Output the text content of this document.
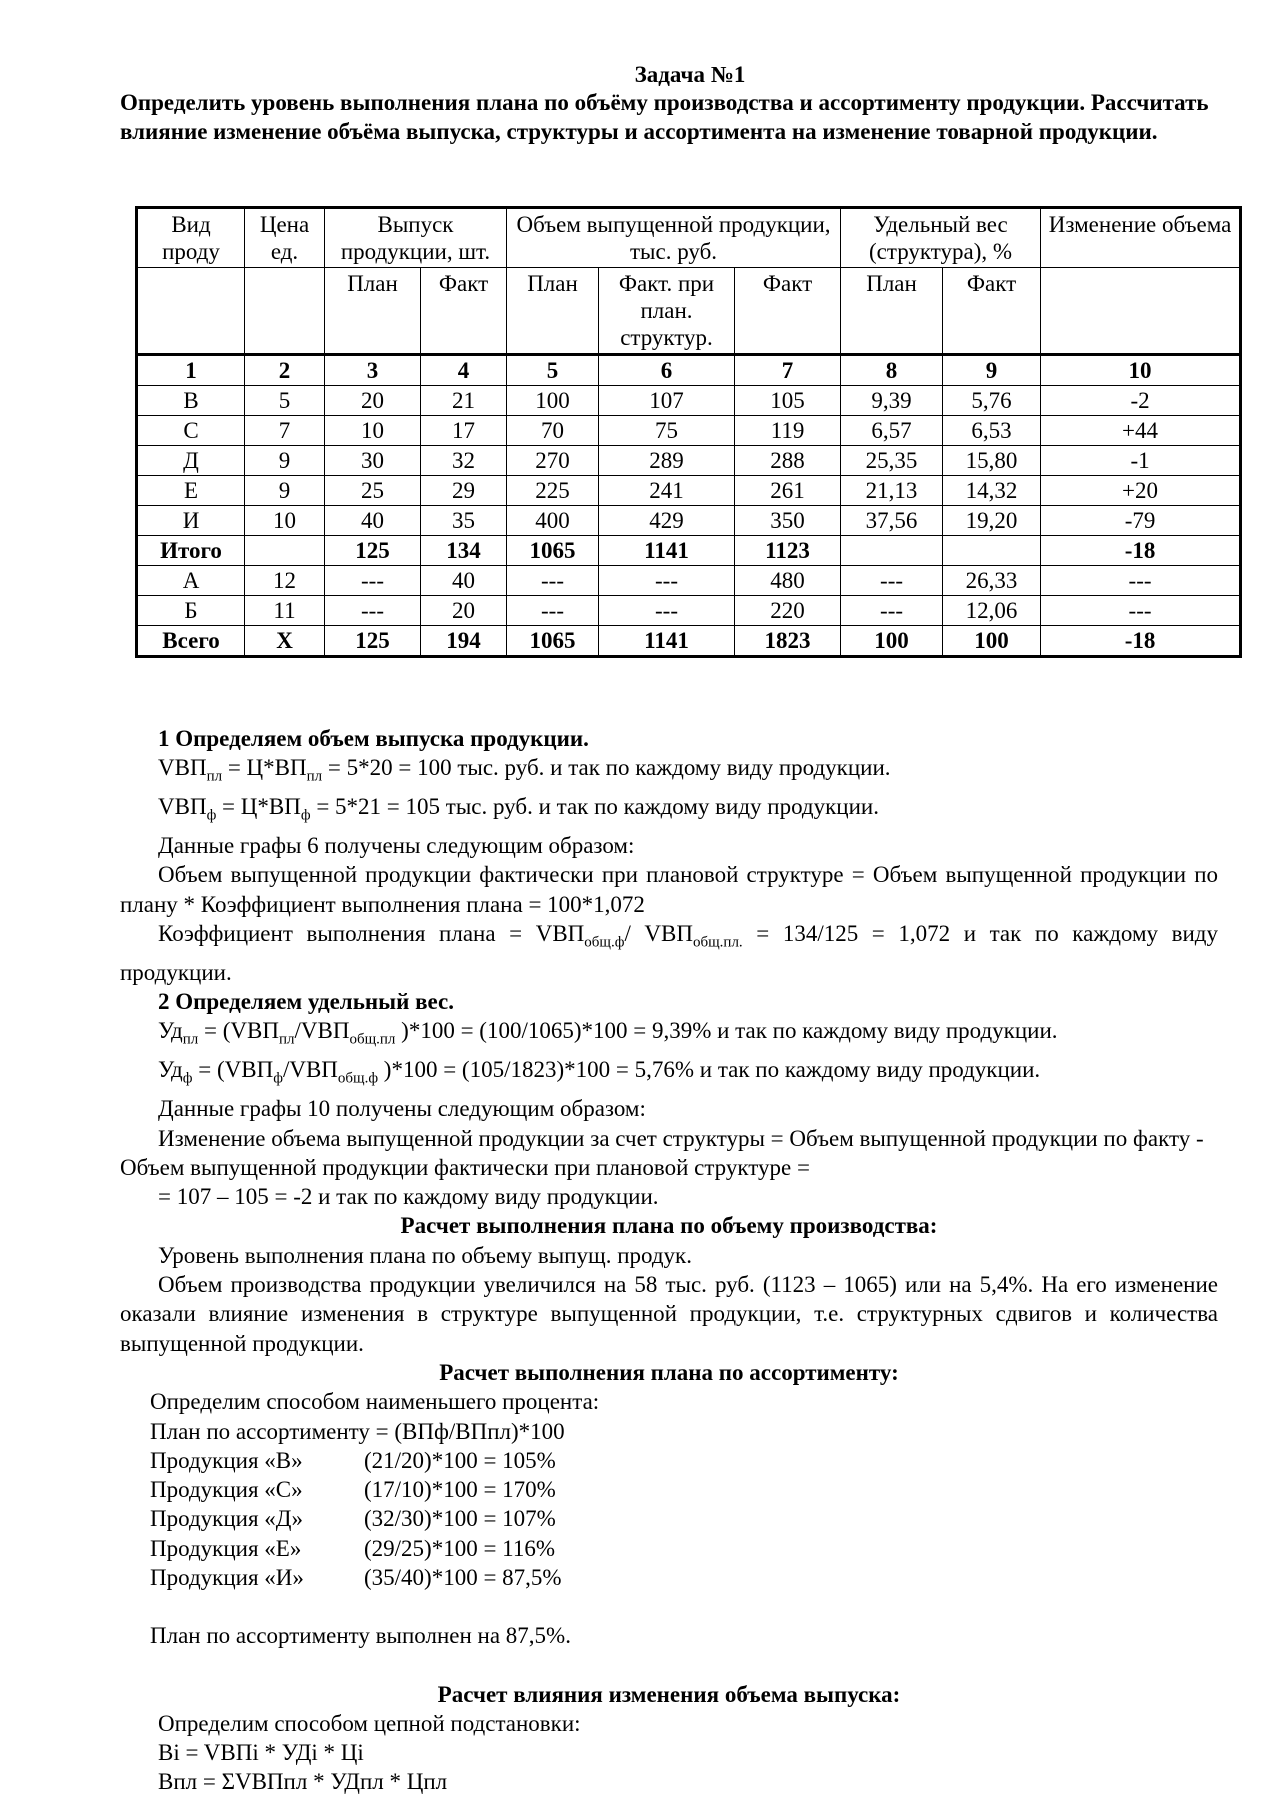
Задача №1
Определить уровень выполнения плана по объёму производства и ассортименту продукции. Рассчитать влияние изменение объёма выпуска, структуры и ассортимента на изменение товарной продукции.
Вид проду	Цена ед.	Выпуск продукции, шт.		Объем выпущенной продукции, тыс. руб.			Удельный вес (структура), %		Изменение объема
		План	Факт	План	Факт. при план. структур.	Факт	План	Факт	
1	2	3	4	5	6	7	8	9	10
В	5	20	21	100	107	105	9,39	5,76	-2
С	7	10	17	70	75	119	6,57	6,53	+44
Д	9	30	32	270	289	288	25,35	15,80	-1
Е	9	25	29	225	241	261	21,13	14,32	+20
И	10	40	35	400	429	350	37,56	19,20	-79
Итого		125	134	1065	1141	1123			-18
А	12	---	40	---	---	480	---	26,33	---
Б	11	---	20	---	---	220	---	12,06	---
Всего	Х	125	194	1065	1141	1823	100	100	-18

1 Определяем объем выпуска продукции.

$VВП_{пл} = Ц*ВП_{пл} = 5*20 = 100$ тыс. руб. и так по каждому виду продукции.

$VВП_ф = Ц*ВП_ф = 5*21 = 105$ тыс. руб. и так по каждому виду продукции.

Данные графы 6 получены следующим образом:

Объем выпущенной продукции фактически при плановой структуре = Объем выпущенной продукции по плану * Коэффициент выполнения плана = 100*1,072

Коэффициент выполнения плана = $VВП_{общ.ф}/$ $VВП_{общ.пл.} = 134/125 = 1,072$ и так по каждому виду продукции.

2 Определяем удельный вес.

$Уд_{пл} = (VВП_{пл}/VВП_{общ.пл}$ )*100 = (100/1065)*100 = 9,39% и так по каждому виду продукции.

$Уд_ф = (VВП_ф/VВП_{общ.ф}$ )*100 = (105/1823)*100 = 5,76% и так по каждому виду продукции.

Данные графы 10 получены следующим образом:

Изменение объема выпущенной продукции за счет структуры = Объем выпущенной продукции по факту - Объем выпущенной продукции фактически при плановой структуре =

= 107 – 105 = -2 и так по каждому виду продукции.

Расчет выполнения плана по объему производства:

Уровень выполнения плана по объему выпущ. продук.

Объем производства продукции увеличился на 58 тыс. руб. (1123 – 1065) или на 5,4%. На его изменение оказали влияние изменения в структуре выпущенной продукции, т.е. структурных сдвигов и количества выпущенной продукции.

Расчет выполнения плана по ассортименту:

Определим способом наименьшего процента:

План по ассортименту = (ВПф/ВПпл)*100

Продукция «В»	(21/20)*100 = 105%

Продукция «С»	(17/10)*100 = 170%

Продукция «Д»	(32/30)*100 = 107%

Продукция «Е»	(29/25)*100 = 116%

Продукция «И»	(35/40)*100 = 87,5%

План по ассортименту выполнен на 87,5%.

Расчет влияния изменения объема выпуска:

Определим способом цепной подстановки:

Вi = VВПi * УДi * Цi

Впл = ΣVВПпл * УДпл * Цпл
